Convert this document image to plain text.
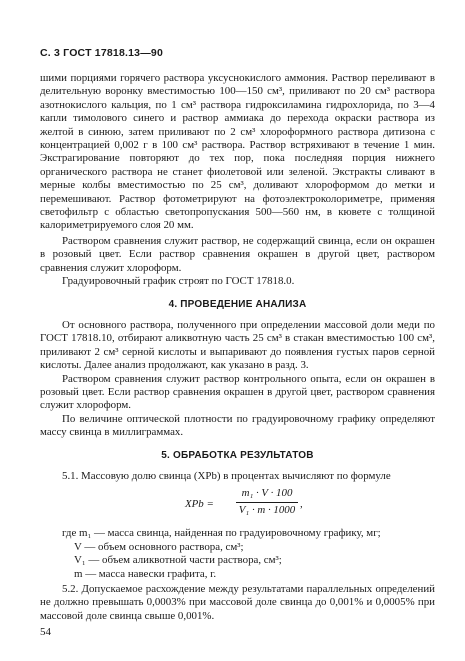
С. 3 ГОСТ 17818.13—90

шими порциями горячего раствора уксуснокислого аммония. Раствор переливают в делительную воронку вместимостью 100—150 см³, приливают по 20 см³ раствора азотнокислого кальция, по 1 см³ раствора гидроксиламина гидрохлорида, по 3—4 капли тимолового синего и раствор аммиака до перехода окраски раствора из желтой в синюю, затем приливают по 2 см³ хлороформного раствора дитизона с концентрацией 0,002 г в 100 см³ раствора. Раствор встряхивают в течение 1 мин. Экстрагирование повторяют до тех пор, пока последняя порция нижнего органического раствора не станет фиолетовой или зеленой. Экстракты сливают в мерные колбы вместимостью по 25 см³, доливают хлороформом до метки и перемешивают. Раствор фотометрируют на фотоэлектроколориметре, применяя светофильтр с областью светопропускания 500—560 нм, в кювете с толщиной калориметрируемого слоя 20 мм.

Раствором сравнения служит раствор, не содержащий свинца, если он окрашен в розовый цвет. Если раствор сравнения окрашен в другой цвет, раствором сравнения служит хлороформ.

Градуировочный график строят по ГОСТ 17818.0.

4. ПРОВЕДЕНИЕ АНАЛИЗА

От основного раствора, полученного при определении массовой доли меди по ГОСТ 17818.10, отбирают аликвотную часть 25 см³ в стакан вместимостью 100 см³, приливают 2 см³ серной кислоты и выпаривают до появления густых паров серной кислоты. Далее анализ продолжают, как указано в разд. 3.

Раствором сравнения служит раствор контрольного опыта, если он окрашен в розовый цвет. Если раствор сравнения окрашен в другой цвет, раствором сравнения служит хлороформ.

По величине оптической плотности по градуировочному графику определяют массу свинца в миллиграммах.

5. ОБРАБОТКА РЕЗУЛЬТАТОВ

5.1. Массовую долю свинца (XPb) в процентах вычисляют по формуле

XPb = $\frac{\text{m₁ · V · 100}}{\text{V₁ · m · 1000}}$ ,
где m₁ — масса свинца, найденная по градуировочному графику, мг;
V — объем основного раствора, см³;
V₁ — объем аликвотной части раствора, см³;
m — масса навески графита, г.

5.2. Допускаемое расхождение между результатами параллельных определений не должно превышать 0,0003% при массовой доле свинца до 0,001% и 0,0005% при массовой доле свинца свыше 0,001%.

54
